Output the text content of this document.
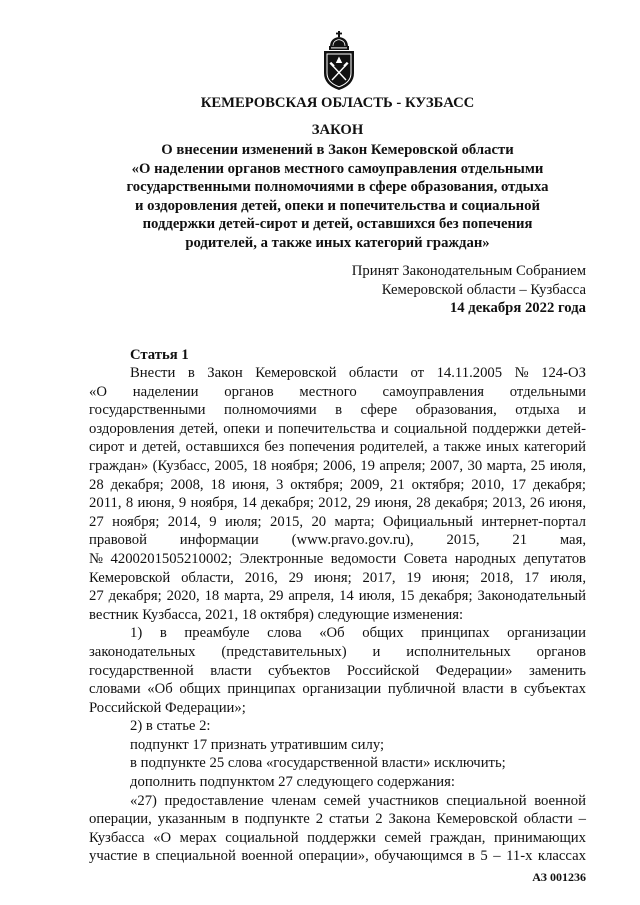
КЕМЕРОВСКАЯ ОБЛАСТЬ - КУЗБАСС
ЗАКОН
О внесении изменений в Закон Кемеровской области
«О наделении органов местного самоуправления отдельными
государственными полномочиями в сфере образования, отдыха
и оздоровления детей, опеки и попечительства и социальной
поддержки детей-сирот и детей, оставшихся без попечения
родителей, а также иных категорий граждан»
Принят Законодательным Собранием
Кемеровской области – Кузбасса
14 декабря 2022 года
Статья 1
Внести в Закон Кемеровской области от 14.11.2005 № 124-ОЗ
«О наделении органов местного самоуправления отдельными
государственными полномочиями в сфере образования, отдыха и
оздоровления детей, опеки и попечительства и социальной поддержки детей-
сирот и детей, оставшихся без попечения родителей, а также иных категорий
граждан» (Кузбасс, 2005, 18 ноября; 2006, 19 апреля; 2007, 30 марта, 25 июля,
28 декабря; 2008, 18 июня, 3 октября; 2009, 21 октября; 2010, 17 декабря;
2011, 8 июня, 9 ноября, 14 декабря; 2012, 29 июня, 28 декабря; 2013, 26 июня,
27 ноября; 2014, 9 июля; 2015, 20 марта; Официальный интернет-портал
правовой информации (www.pravo.gov.ru), 2015, 21 мая,
№ 4200201505210002; Электронные ведомости Совета народных депутатов
Кемеровской области, 2016, 29 июня; 2017, 19 июня; 2018, 17 июля,
27 декабря; 2020, 18 марта, 29 апреля, 14 июля, 15 декабря; Законодательный
вестник Кузбасса, 2021, 18 октября) следующие изменения:
1) в преамбуле слова «Об общих принципах организации
законодательных (представительных) и исполнительных органов
государственной власти субъектов Российской Федерации» заменить
словами «Об общих принципах организации публичной власти в субъектах
Российской Федерации»;
2) в статье 2:
подпункт 17 признать утратившим силу;
в подпункте 25 слова «государственной власти» исключить;
дополнить подпунктом 27 следующего содержания:
«27) предоставление членам семей участников специальной военной
операции, указанным в подпункте 2 статьи 2 Закона Кемеровской области –
Кузбасса «О мерах социальной поддержки семей граждан, принимающих
участие в специальной военной операции», обучающимся в 5 – 11-х классах
АЗ 001236
